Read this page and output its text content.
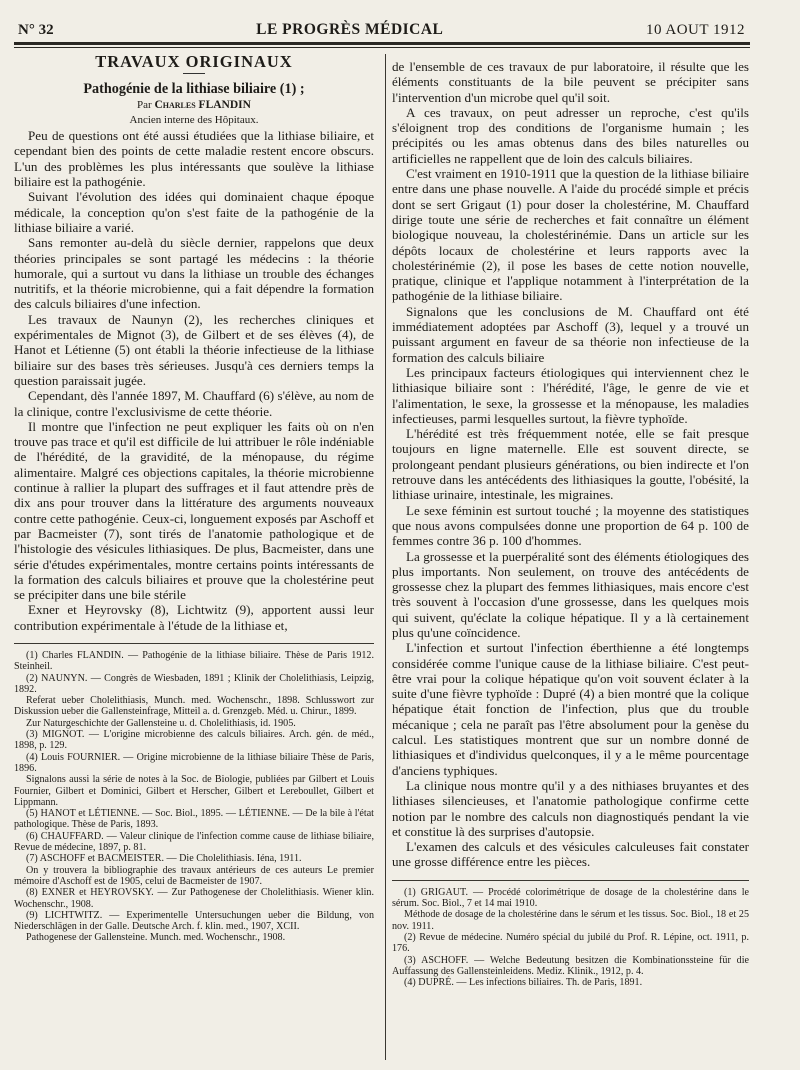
N° 32	LE PROGRÈS MÉDICAL	10 AOUT 1912

TRAVAUX ORIGINAUX

Pathogénie de la lithiase biliaire (1) ;

Par Charles FLANDIN

Ancien interne des Hôpitaux.

Peu de questions ont été aussi étudiées que la lithiase biliaire, et cependant bien des points de cette maladie restent encore obscurs. L'un des problèmes les plus intéressants que soulève la lithiase biliaire est la pathogénie.

Suivant l'évolution des idées qui dominaient chaque époque médicale, la conception qu'on s'est faite de la pathogénie de la lithiase biliaire a varié.

Sans remonter au-delà du siècle dernier, rappelons que deux théories principales se sont partagé les médecins : la théorie humorale, qui a surtout vu dans la lithiase un trouble des échanges nutritifs, et la théorie microbienne, qui a fait dépendre la formation des calculs biliaires d'une infection.

Les travaux de Naunyn (2), les recherches cliniques et expérimentales de Mignot (3), de Gilbert et de ses élèves (4), de Hanot et Létienne (5) ont établi la théorie infectieuse de la lithiase biliaire sur des bases très sérieuses. Jusqu'à ces derniers temps la question paraissait jugée.

Cependant, dès l'année 1897, M. Chauffard (6) s'élève, au nom de la clinique, contre l'exclusivisme de cette théorie.

Il montre que l'infection ne peut expliquer les faits où on n'en trouve pas trace et qu'il est difficile de lui attribuer le rôle indéniable de l'hérédité, de la gravidité, de la ménopause, du régime alimentaire. Malgré ces objections capitales, la théorie microbienne continue à rallier la plupart des suffrages et il faut attendre près de dix ans pour trouver dans la littérature des arguments nouveaux contre cette pathogénie. Ceux-ci, longuement exposés par Aschoff et par Bacmeister (7), sont tirés de l'anatomie pathologique et de l'histologie des vésicules lithiasiques. De plus, Bacmeister, dans une série d'études expérimentales, montre certains points intéressants de la formation des calculs biliaires et prouve que la cholestérine peut se précipiter dans une bile stérile

Exner et Heyrovsky (8), Lichtwitz (9), apportent aussi leur contribution expérimentale à l'étude de la lithiase et,

(1) Charles FLANDIN. — Pathogénie de la lithiase biliaire. Thèse de Paris 1912. Steinheil.

(2) NAUNYN. — Congrès de Wiesbaden, 1891 ; Klinik der Cholelithiasis, Leipzig, 1892.

Referat ueber Cholelithiasis, Munch. med. Wochenschr., 1898. Schlusswort zur Diskussion ueber die Gallensteinfrage, Mitteil a. d. Grenzgeb. Méd. u. Chirur., 1899.

Zur Naturgeschichte der Gallensteine u. d. Cholelithiasis, id. 1905.

(3) MIGNOT. — L'origine microbienne des calculs biliaires. Arch. gén. de méd., 1898, p. 129.

(4) Louis FOURNIER. — Origine microbienne de la lithiase biliaire Thèse de Paris, 1896.

Signalons aussi la série de notes à la Soc. de Biologie, publiées par Gilbert et Louis Fournier, Gilbert et Dominici, Gilbert et Herscher, Gilbert et Lereboullet, Gilbert et Lippmann.

(5) HANOT et LÉTIENNE. — Soc. Biol., 1895. — LÉTIENNE. — De la bile à l'état pathologique. Thèse de Paris, 1893.

(6) CHAUFFARD. — Valeur clinique de l'infection comme cause de lithiase biliaire, Revue de médecine, 1897, p. 81.

(7) ASCHOFF et BACMEISTER. — Die Cholelithiasis. Iéna, 1911.

On y trouvera la bibliographie des travaux antérieurs de ces auteurs Le premier mémoire d'Aschoff est de 1905, celui de Bacmeister de 1907.

(8) EXNER et HEYROVSKY. — Zur Pathogenese der Cholelithiasis. Wiener klin. Wochenschr., 1908.

(9) LICHTWITZ. — Experimentelle Untersuchungen ueber die Bildung, von Niederschlägen in der Galle. Deutsche Arch. f. klin. med., 1907, XCII.

Pathogenese der Gallensteine. Munch. med. Wochenschr., 1908.

de l'ensemble de ces travaux de pur laboratoire, il résulte que les éléments constituants de la bile peuvent se précipiter sans l'intervention d'un microbe quel qu'il soit.

A ces travaux, on peut adresser un reproche, c'est qu'ils s'éloignent trop des conditions de l'organisme humain ; les précipités ou les amas obtenus dans des biles naturelles ou artificielles ne rappellent que de loin des calculs biliaires.

C'est vraiment en 1910-1911 que la question de la lithiase biliaire entre dans une phase nouvelle. A l'aide du procédé simple et précis dont se sert Grigaut (1) pour doser la cholestérine, M. Chauffard dirige toute une série de recherches et fait connaître un élément biologique nouveau, la cholestérinémie. Dans un article sur les dépôts locaux de cholestérine et leurs rapports avec la cholestérinémie (2), il pose les bases de cette notion nouvelle, pratique, clinique et l'applique notamment à l'interprétation de la pathogénie de la lithiase biliaire.

Signalons que les conclusions de M. Chauffard ont été immédiatement adoptées par Aschoff (3), lequel y a trouvé un puissant argument en faveur de sa théorie non infectieuse de la formation des calculs biliaire

Les principaux facteurs étiologiques qui interviennent chez le lithiasique biliaire sont : l'hérédité, l'âge, le genre de vie et l'alimentation, le sexe, la grossesse et la ménopause, les maladies infectieuses, parmi lesquelles surtout, la fièvre typhoïde.

L'hérédité est très fréquemment notée, elle se fait presque toujours en ligne maternelle. Elle est souvent directe, se prolongeant pendant plusieurs générations, ou bien indirecte et l'on retrouve dans les antécédents des lithiasiques la goutte, l'obésité, la lithiase urinaire, intestinale, les migraines.

Le sexe féminin est surtout touché ; la moyenne des statistiques que nous avons compulsées donne une proportion de 64 p. 100 de femmes contre 36 p. 100 d'hommes.

La grossesse et la puerpéralité sont des éléments étiologiques des plus importants. Non seulement, on trouve des antécédents de grossesse chez la plupart des femmes lithiasiques, mais encore c'est très souvent à l'occasion d'une grossesse, dans les quelques mois qui suivent, qu'éclate la colique hépatique. Il y a là certainement plus qu'une coïncidence.

L'infection et surtout l'infection éberthienne a été longtemps considérée comme l'unique cause de la lithiase biliaire. C'est peut-être vrai pour la colique hépatique qu'on voit souvent éclater à la suite d'une fièvre typhoïde : Dupré (4) a bien montré que la colique hépatique était fonction de l'infection, plus que du trouble mécanique ; cela ne paraît pas l'être absolument pour la genèse du calcul. Les statistiques montrent que sur un nombre donné de lithiasiques et d'individus quelconques, il y a le même pourcentage d'anciens typhiques.

La clinique nous montre qu'il y a des nithiases bruyantes et des lithiases silencieuses, et l'anatomie pathologique confirme cette notion par le nombre des calculs non diagnostiqués pendant la vie et constitue là des surprises d'autopsie.

L'examen des calculs et des vésicules calculeuses fait constater une grosse différence entre les pièces.

(1) GRIGAUT. — Procédé colorimétrique de dosage de la cholestérine dans le sérum. Soc. Biol., 7 et 14 mai 1910.

Méthode de dosage de la cholestérine dans le sérum et les tissus. Soc. Biol., 18 et 25 nov. 1911.

(2) Revue de médecine. Numéro spécial du jubilé du Prof. R. Lépine, oct. 1911, p. 176.

(3) ASCHOFF. — Welche Bedeutung besitzen die Kombinationssteine für die Auffassung des Gallensteinleidens. Mediz. Klinik., 1912, p. 4.

(4) DUPRÉ. — Les infections biliaires. Th. de Paris, 1891.
